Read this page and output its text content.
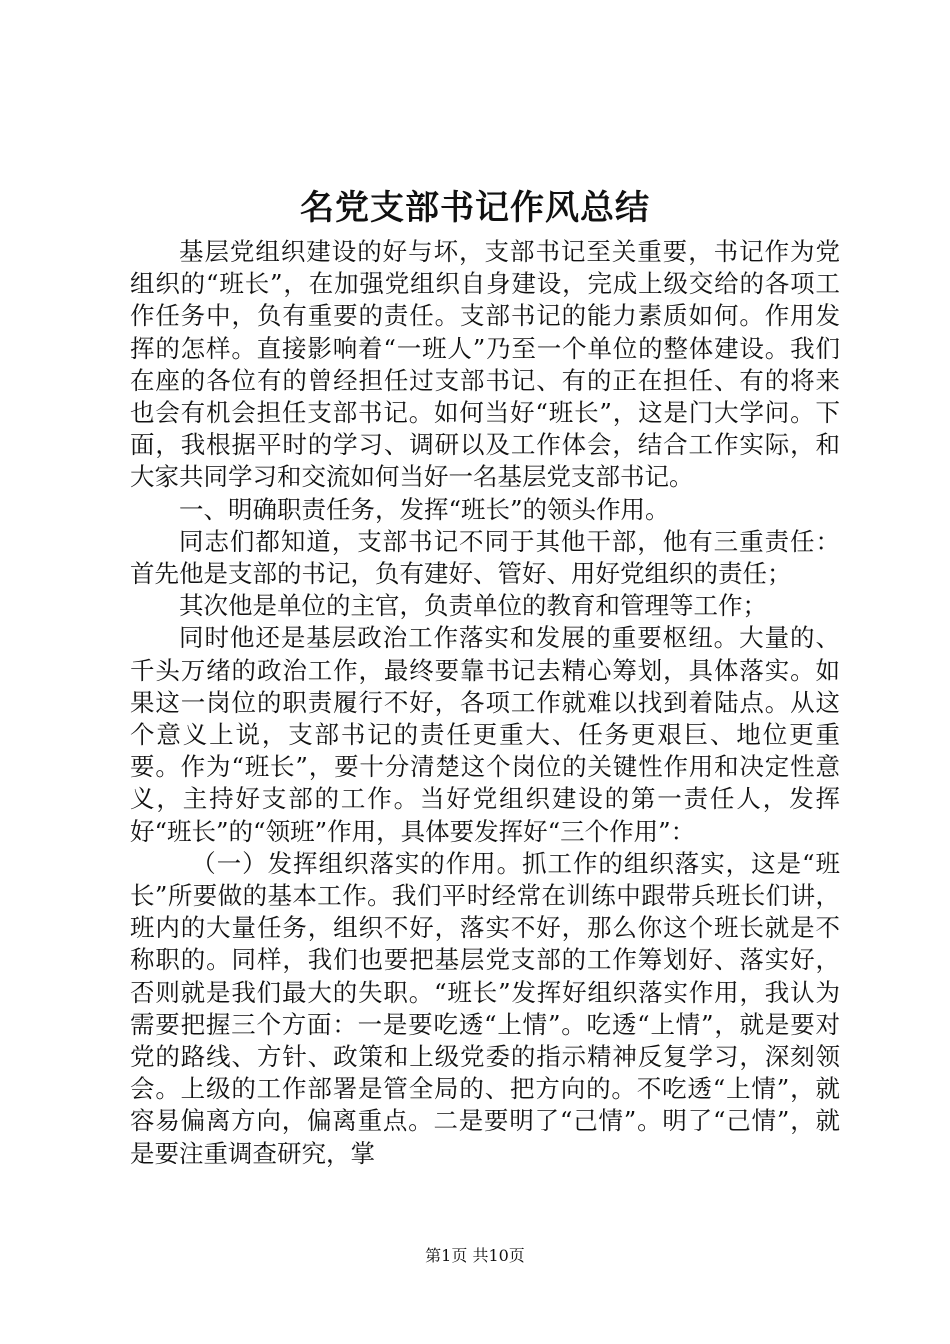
名党支部书记作风总结

基层党组织建设的好与坏，支部书记至关重要，书记作为党组织的“班长”，在加强党组织自身建设，完成上级交给的各项工作任务中，负有重要的责任。支部书记的能力素质如何。作用发挥的怎样。直接影响着“一班人”乃至一个单位的整体建设。我们在座的各位有的曾经担任过支部书记、有的正在担任、有的将来也会有机会担任支部书记。如何当好“班长”，这是门大学问。下面，我根据平时的学习、调研以及工作体会，结合工作实际，和大家共同学习和交流如何当好一名基层党支部书记。

一、明确职责任务，发挥“班长”的领头作用。

同志们都知道，支部书记不同于其他干部，他有三重责任：首先他是支部的书记，负有建好、管好、用好党组织的责任；

其次他是单位的主官，负责单位的教育和管理等工作；

同时他还是基层政治工作落实和发展的重要枢纽。大量的、千头万绪的政治工作，最终要靠书记去精心筹划，具体落实。如果这一岗位的职责履行不好，各项工作就难以找到着陆点。从这个意义上说，支部书记的责任更重大、任务更艰巨、地位更重要。作为“班长”，要十分清楚这个岗位的关键性作用和决定性意义，主持好支部的工作。当好党组织建设的第一责任人，发挥好“班长”的“领班”作用，具体要发挥好“三个作用”：

（一）发挥组织落实的作用。抓工作的组织落实，这是“班长”所要做的基本工作。我们平时经常在训练中跟带兵班长们讲，班内的大量任务，组织不好，落实不好，那么你这个班长就是不称职的。同样，我们也要把基层党支部的工作筹划好、落实好，否则就是我们最大的失职。“班长”发挥好组织落实作用，我认为需要把握三个方面：一是要吃透“上情”。吃透“上情”，就是要对党的路线、方针、政策和上级党委的指示精神反复学习，深刻领会。上级的工作部署是管全局的、把方向的。不吃透“上情”，就容易偏离方向，偏离重点。二是要明了“己情”。明了“己情”，就是要注重调查研究，掌

第1页 共10页
